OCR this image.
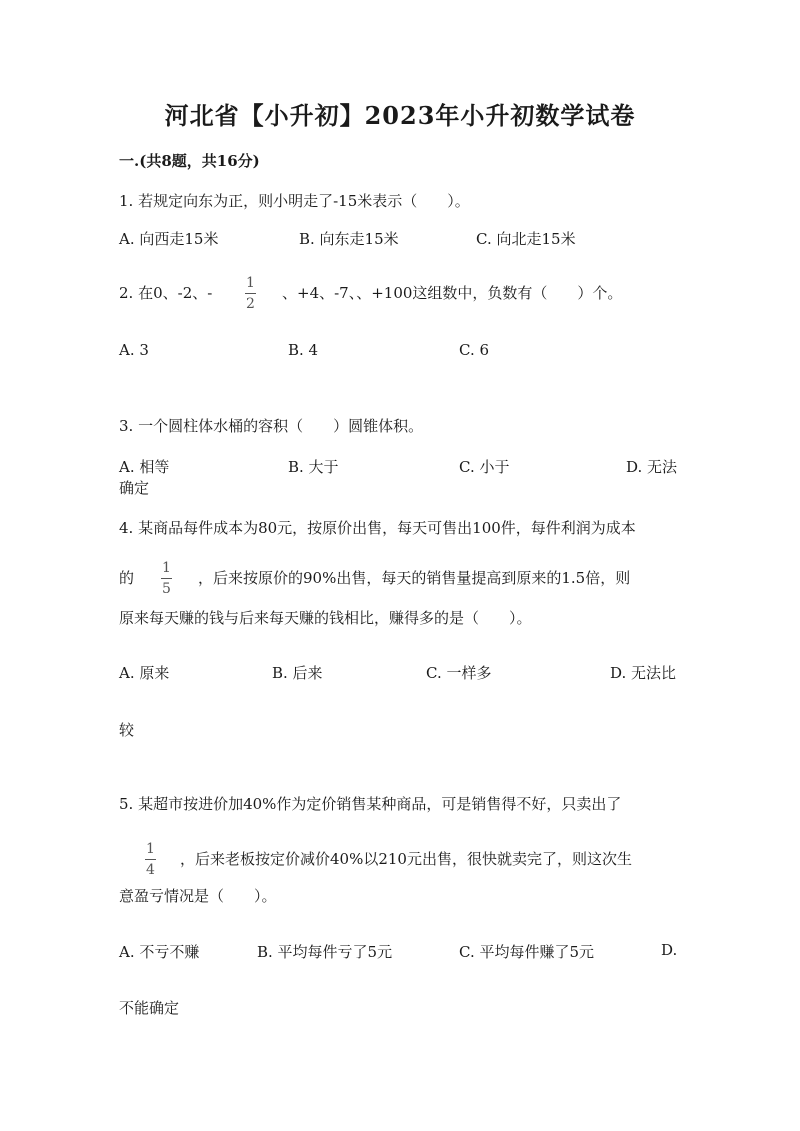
河北省【小升初】2023年小升初数学试卷
一.(共8题，共16分)
1. 若规定向东为正，则小明走了-15米表示（　　）。
A. 向西走15米	B. 向东走15米	C. 向北走15米
2. 在0、-2、-
1
2
、+4、-7、、+100这组数中，负数有（　　）个。
A. 3	B. 4	C. 6
3. 一个圆柱体水桶的容积（　　）圆锥体积。
A. 相等	B. 大于	C. 小于	D. 无法
确定
4. 某商品每件成本为80元，按原价出售，每天可售出100件，每件利润为成本
的
1
5
，后来按原价的90%出售，每天的销售量提高到原来的1.5倍，则
原来每天赚的钱与后来每天赚的钱相比，赚得多的是（　　）。
A. 原来	B. 后来	C. 一样多	D. 无法比
较
5. 某超市按进价加40%作为定价销售某种商品，可是销售得不好，只卖出了
1
4
，后来老板按定价减价40%以210元出售，很快就卖完了，则这次生
意盈亏情况是（　　）。
A. 不亏不赚	B. 平均每件亏了5元	C. 平均每件赚了5元	D.
不能确定
